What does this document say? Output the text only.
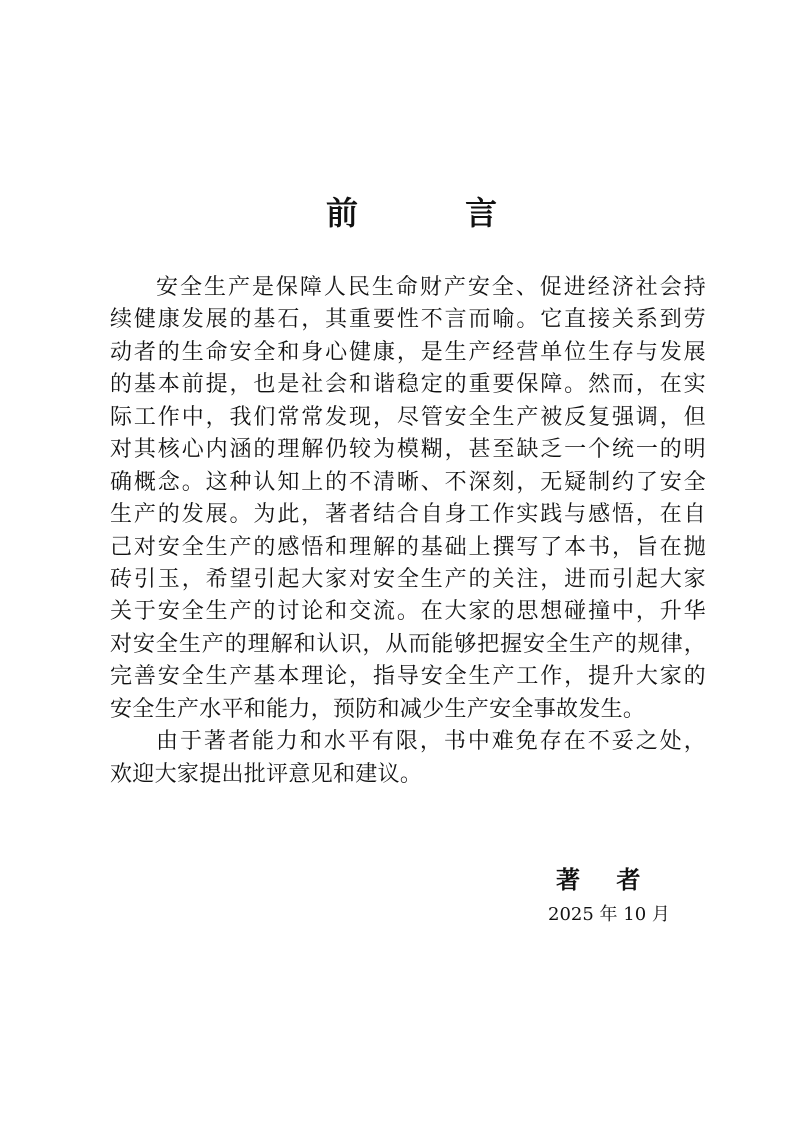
前 言
安全生产是保障人民生命财产安全、促进经济社会持
续健康发展的基石，其重要性不言而喻。它直接关系到劳
动者的生命安全和身心健康，是生产经营单位生存与发展
的基本前提，也是社会和谐稳定的重要保障。然而，在实
际工作中，我们常常发现，尽管安全生产被反复强调，但
对其核心内涵的理解仍较为模糊，甚至缺乏一个统一的明
确概念。这种认知上的不清晰、不深刻，无疑制约了安全
生产的发展。为此，著者结合自身工作实践与感悟，在自
己对安全生产的感悟和理解的基础上撰写了本书，旨在抛
砖引玉，希望引起大家对安全生产的关注，进而引起大家
关于安全生产的讨论和交流。在大家的思想碰撞中，升华
对安全生产的理解和认识，从而能够把握安全生产的规律，
完善安全生产基本理论，指导安全生产工作，提升大家的
安全生产水平和能力，预防和减少生产安全事故发生。
由于著者能力和水平有限，书中难免存在不妥之处，
欢迎大家提出批评意见和建议。
著 者
2025 年 10 月
